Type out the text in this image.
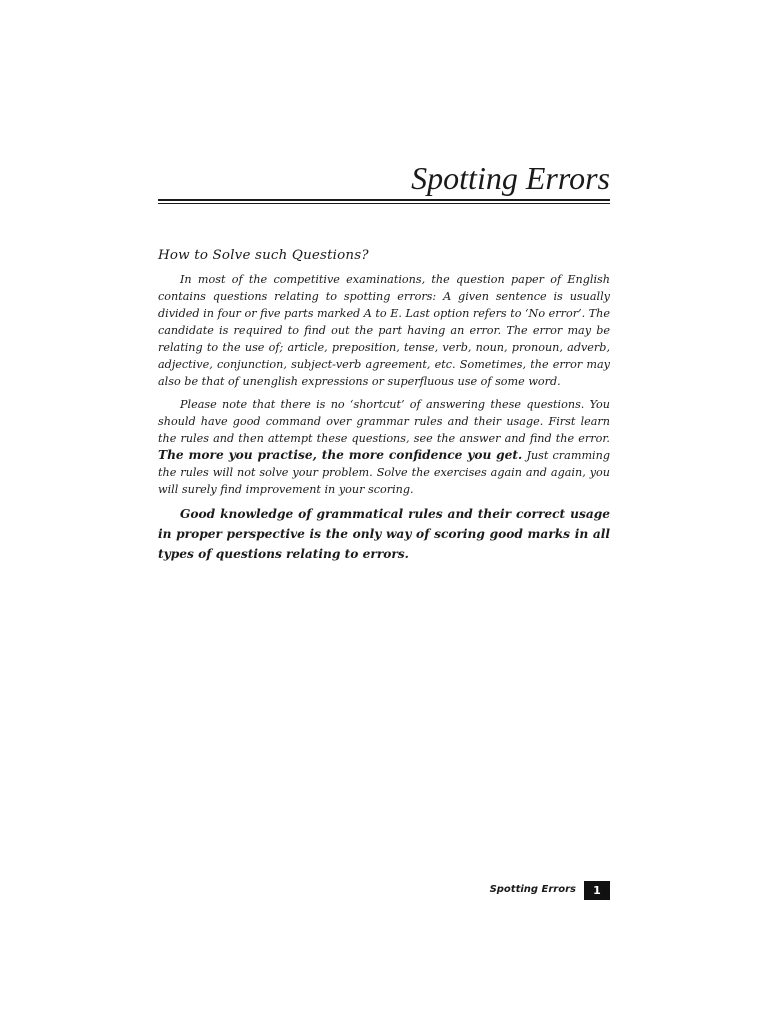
Spotting Errors
How to Solve such Questions?

In most of the competitive examinations, the question paper of English contains questions relating to spotting errors: A given sentence is usually divided in four or five parts marked A to E. Last option refers to ‘No error’. The candidate is required to find out the part having an error. The error may be relating to the use of; article, preposition, tense, verb, noun, pronoun, adverb, adjective, conjunction, subject-verb agreement, etc. Sometimes, the error may also be that of unenglish expressions or superfluous use of some word.

Please note that there is no ‘shortcut’ of answering these questions. You should have good command over grammar rules and their usage. First learn the rules and then attempt these questions, see the answer and find the error. The more you practise, the more confidence you get. Just cramming the rules will not solve your problem. Solve the exercises again and again, you will surely find improvement in your scoring.

Good knowledge of grammatical rules and their correct usage in proper perspective is the only way of scoring good marks in all types of questions relating to errors.

Spotting Errors	1
